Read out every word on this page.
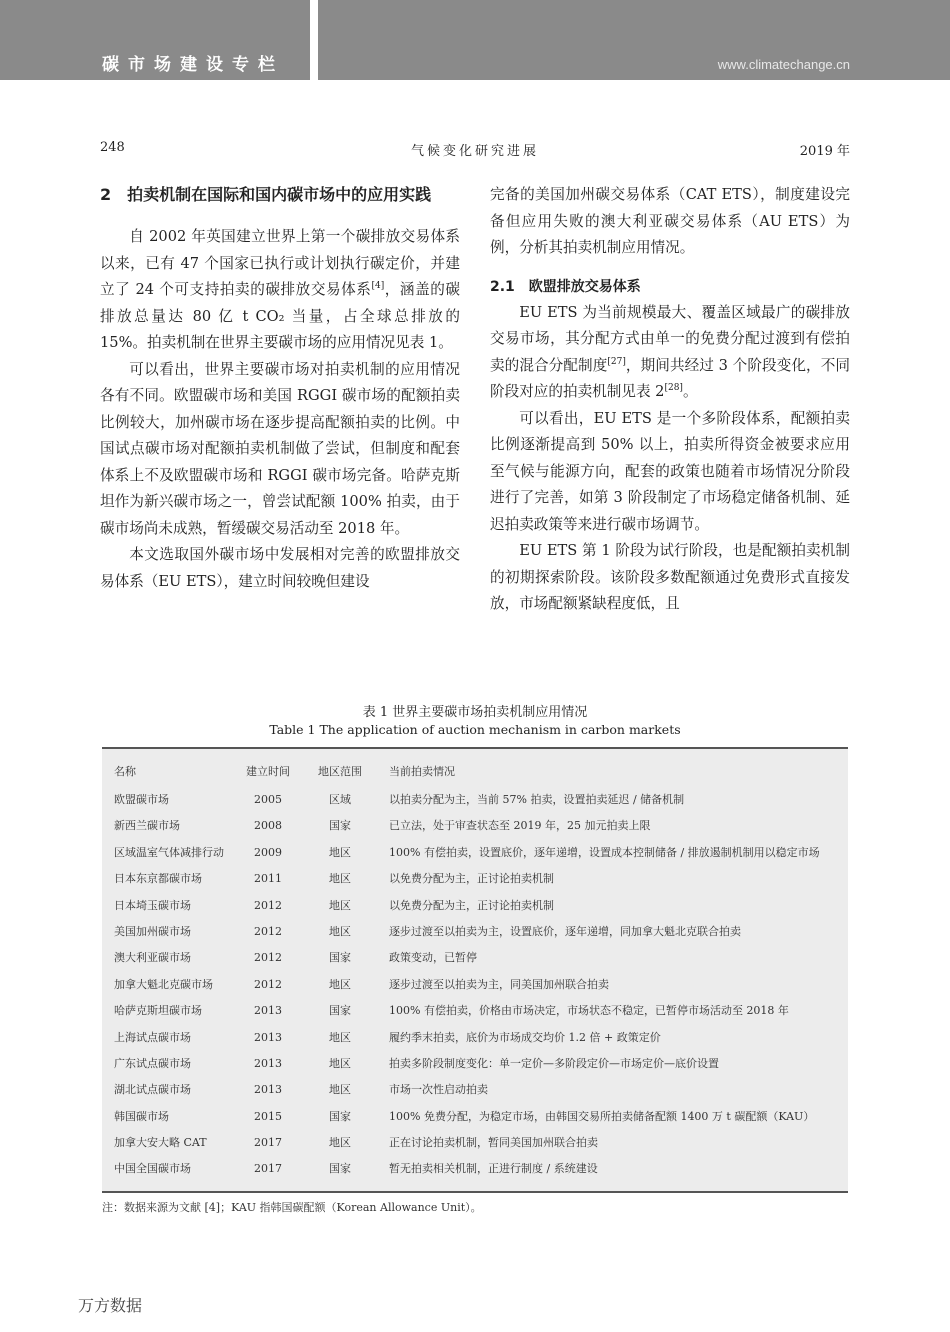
碳市场建设专栏	www.climatechange.cn
248	气候变化研究进展	2019 年
2　拍卖机制在国际和国内碳市场中的应用实践

自 2002 年英国建立世界上第一个碳排放交易体系以来，已有 47 个国家已执行或计划执行碳定价，并建立了 24 个可支持拍卖的碳排放交易体系[4]，涵盖的碳排放总量达 80 亿 t CO₂ 当量，占全球总排放的 15%。拍卖机制在世界主要碳市场的应用情况见表 1。

可以看出，世界主要碳市场对拍卖机制的应用情况各有不同。欧盟碳市场和美国 RGGI 碳市场的配额拍卖比例较大，加州碳市场在逐步提高配额拍卖的比例。中国试点碳市场对配额拍卖机制做了尝试，但制度和配套体系上不及欧盟碳市场和 RGGI 碳市场完备。哈萨克斯坦作为新兴碳市场之一，曾尝试配额 100% 拍卖，由于碳市场尚未成熟，暂缓碳交易活动至 2018 年。

本文选取国外碳市场中发展相对完善的欧盟排放交易体系（EU ETS），建立时间较晚但建设

完备的美国加州碳交易体系（CAT ETS），制度建设完备但应用失败的澳大利亚碳交易体系（AU ETS）为例，分析其拍卖机制应用情况。

2.1　欧盟排放交易体系

EU ETS 为当前规模最大、覆盖区域最广的碳排放交易市场，其分配方式由单一的免费分配过渡到有偿拍卖的混合分配制度[27]，期间共经过 3 个阶段变化，不同阶段对应的拍卖机制见表 2[28]。

可以看出，EU ETS 是一个多阶段体系，配额拍卖比例逐渐提高到 50% 以上，拍卖所得资金被要求应用至气候与能源方向，配套的政策也随着市场情况分阶段进行了完善，如第 3 阶段制定了市场稳定储备机制、延迟拍卖政策等来进行碳市场调节。

EU ETS 第 1 阶段为试行阶段，也是配额拍卖机制的初期探索阶段。该阶段多数配额通过免费形式直接发放，市场配额紧缺程度低，且

表 1 世界主要碳市场拍卖机制应用情况
Table 1 The application of auction mechanism in carbon markets
名称	建立时间	地区范围	当前拍卖情况
欧盟碳市场	2005	区域	以拍卖分配为主，当前 57% 拍卖，设置拍卖延迟 / 储备机制
新西兰碳市场	2008	国家	已立法，处于审查状态至 2019 年，25 加元拍卖上限
区域温室气体减排行动	2009	地区	100% 有偿拍卖，设置底价，逐年递增，设置成本控制储备 / 排放遏制机制用以稳定市场
日本东京都碳市场	2011	地区	以免费分配为主，正讨论拍卖机制
日本埼玉碳市场	2012	地区	以免费分配为主，正讨论拍卖机制
美国加州碳市场	2012	地区	逐步过渡至以拍卖为主，设置底价，逐年递增，同加拿大魁北克联合拍卖
澳大利亚碳市场	2012	国家	政策变动，已暂停
加拿大魁北克碳市场	2012	地区	逐步过渡至以拍卖为主，同美国加州联合拍卖
哈萨克斯坦碳市场	2013	国家	100% 有偿拍卖，价格由市场决定，市场状态不稳定，已暂停市场活动至 2018 年
上海试点碳市场	2013	地区	履约季末拍卖，底价为市场成交均价 1.2 倍 + 政策定价
广东试点碳市场	2013	地区	拍卖多阶段制度变化：单一定价—多阶段定价—市场定价—底价设置
湖北试点碳市场	2013	地区	市场一次性启动拍卖
韩国碳市场	2015	国家	100% 免费分配，为稳定市场，由韩国交易所拍卖储备配额 1400 万 t 碳配额（KAU）
加拿大安大略 CAT	2017	地区	正在讨论拍卖机制，暂同美国加州联合拍卖
中国全国碳市场	2017	国家	暂无拍卖相关机制，正进行制度 / 系统建设
注：数据来源为文献 [4]；KAU 指韩国碳配额（Korean Allowance Unit）。
万方数据
